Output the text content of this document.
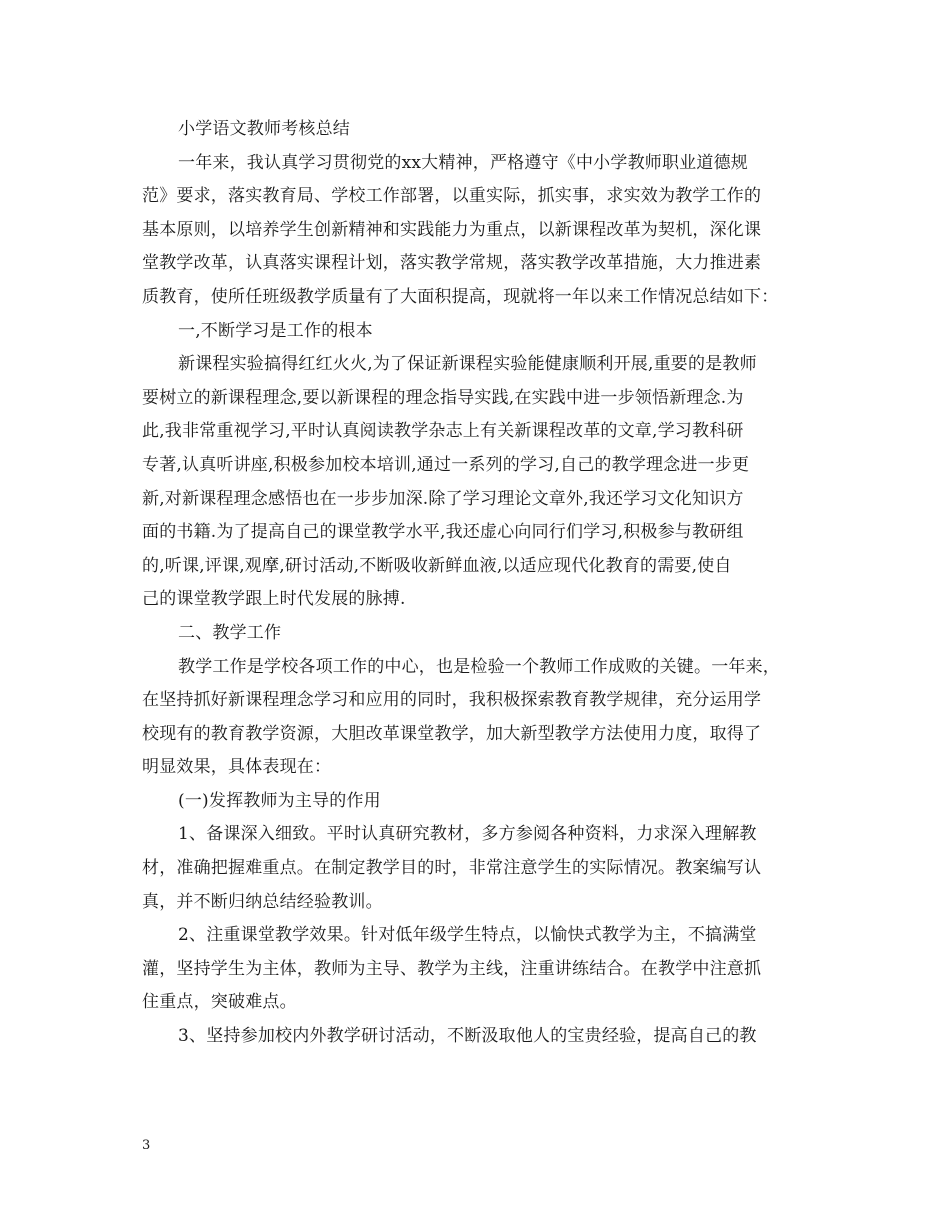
小学语文教师考核总结
一年来，我认真学习贯彻党的xx大精神，严格遵守《中小学教师职业道德规
范》要求，落实教育局、学校工作部署，以重实际，抓实事，求实效为教学工作的
基本原则，以培养学生创新精神和实践能力为重点，以新课程改革为契机，深化课
堂教学改革，认真落实课程计划，落实教学常规，落实教学改革措施，大力推进素
质教育，使所任班级教学质量有了大面积提高，现就将一年以来工作情况总结如下：
一,不断学习是工作的根本
新课程实验搞得红红火火,为了保证新课程实验能健康顺利开展,重要的是教师
要树立的新课程理念,要以新课程的理念指导实践,在实践中进一步领悟新理念.为
此,我非常重视学习,平时认真阅读教学杂志上有关新课程改革的文章,学习教科研
专著,认真听讲座,积极参加校本培训,通过一系列的学习,自己的教学理念进一步更
新,对新课程理念感悟也在一步步加深.除了学习理论文章外,我还学习文化知识方
面的书籍.为了提高自己的课堂教学水平,我还虚心向同行们学习,积极参与教研组
的,听课,评课,观摩,研讨活动,不断吸收新鲜血液,以适应现代化教育的需要,使自
己的课堂教学跟上时代发展的脉搏.
二、教学工作
教学工作是学校各项工作的中心，也是检验一个教师工作成败的关键。一年来，
在坚持抓好新课程理念学习和应用的同时，我积极探索教育教学规律，充分运用学
校现有的教育教学资源，大胆改革课堂教学，加大新型教学方法使用力度，取得了
明显效果，具体表现在：
(一)发挥教师为主导的作用
1、备课深入细致。平时认真研究教材，多方参阅各种资料，力求深入理解教
材，准确把握难重点。在制定教学目的时，非常注意学生的实际情况。教案编写认
真，并不断归纳总结经验教训。
2、注重课堂教学效果。针对低年级学生特点，以愉快式教学为主，不搞满堂
灌，坚持学生为主体，教师为主导、教学为主线，注重讲练结合。在教学中注意抓
住重点，突破难点。
3、坚持参加校内外教学研讨活动，不断汲取他人的宝贵经验，提高自己的教
3
